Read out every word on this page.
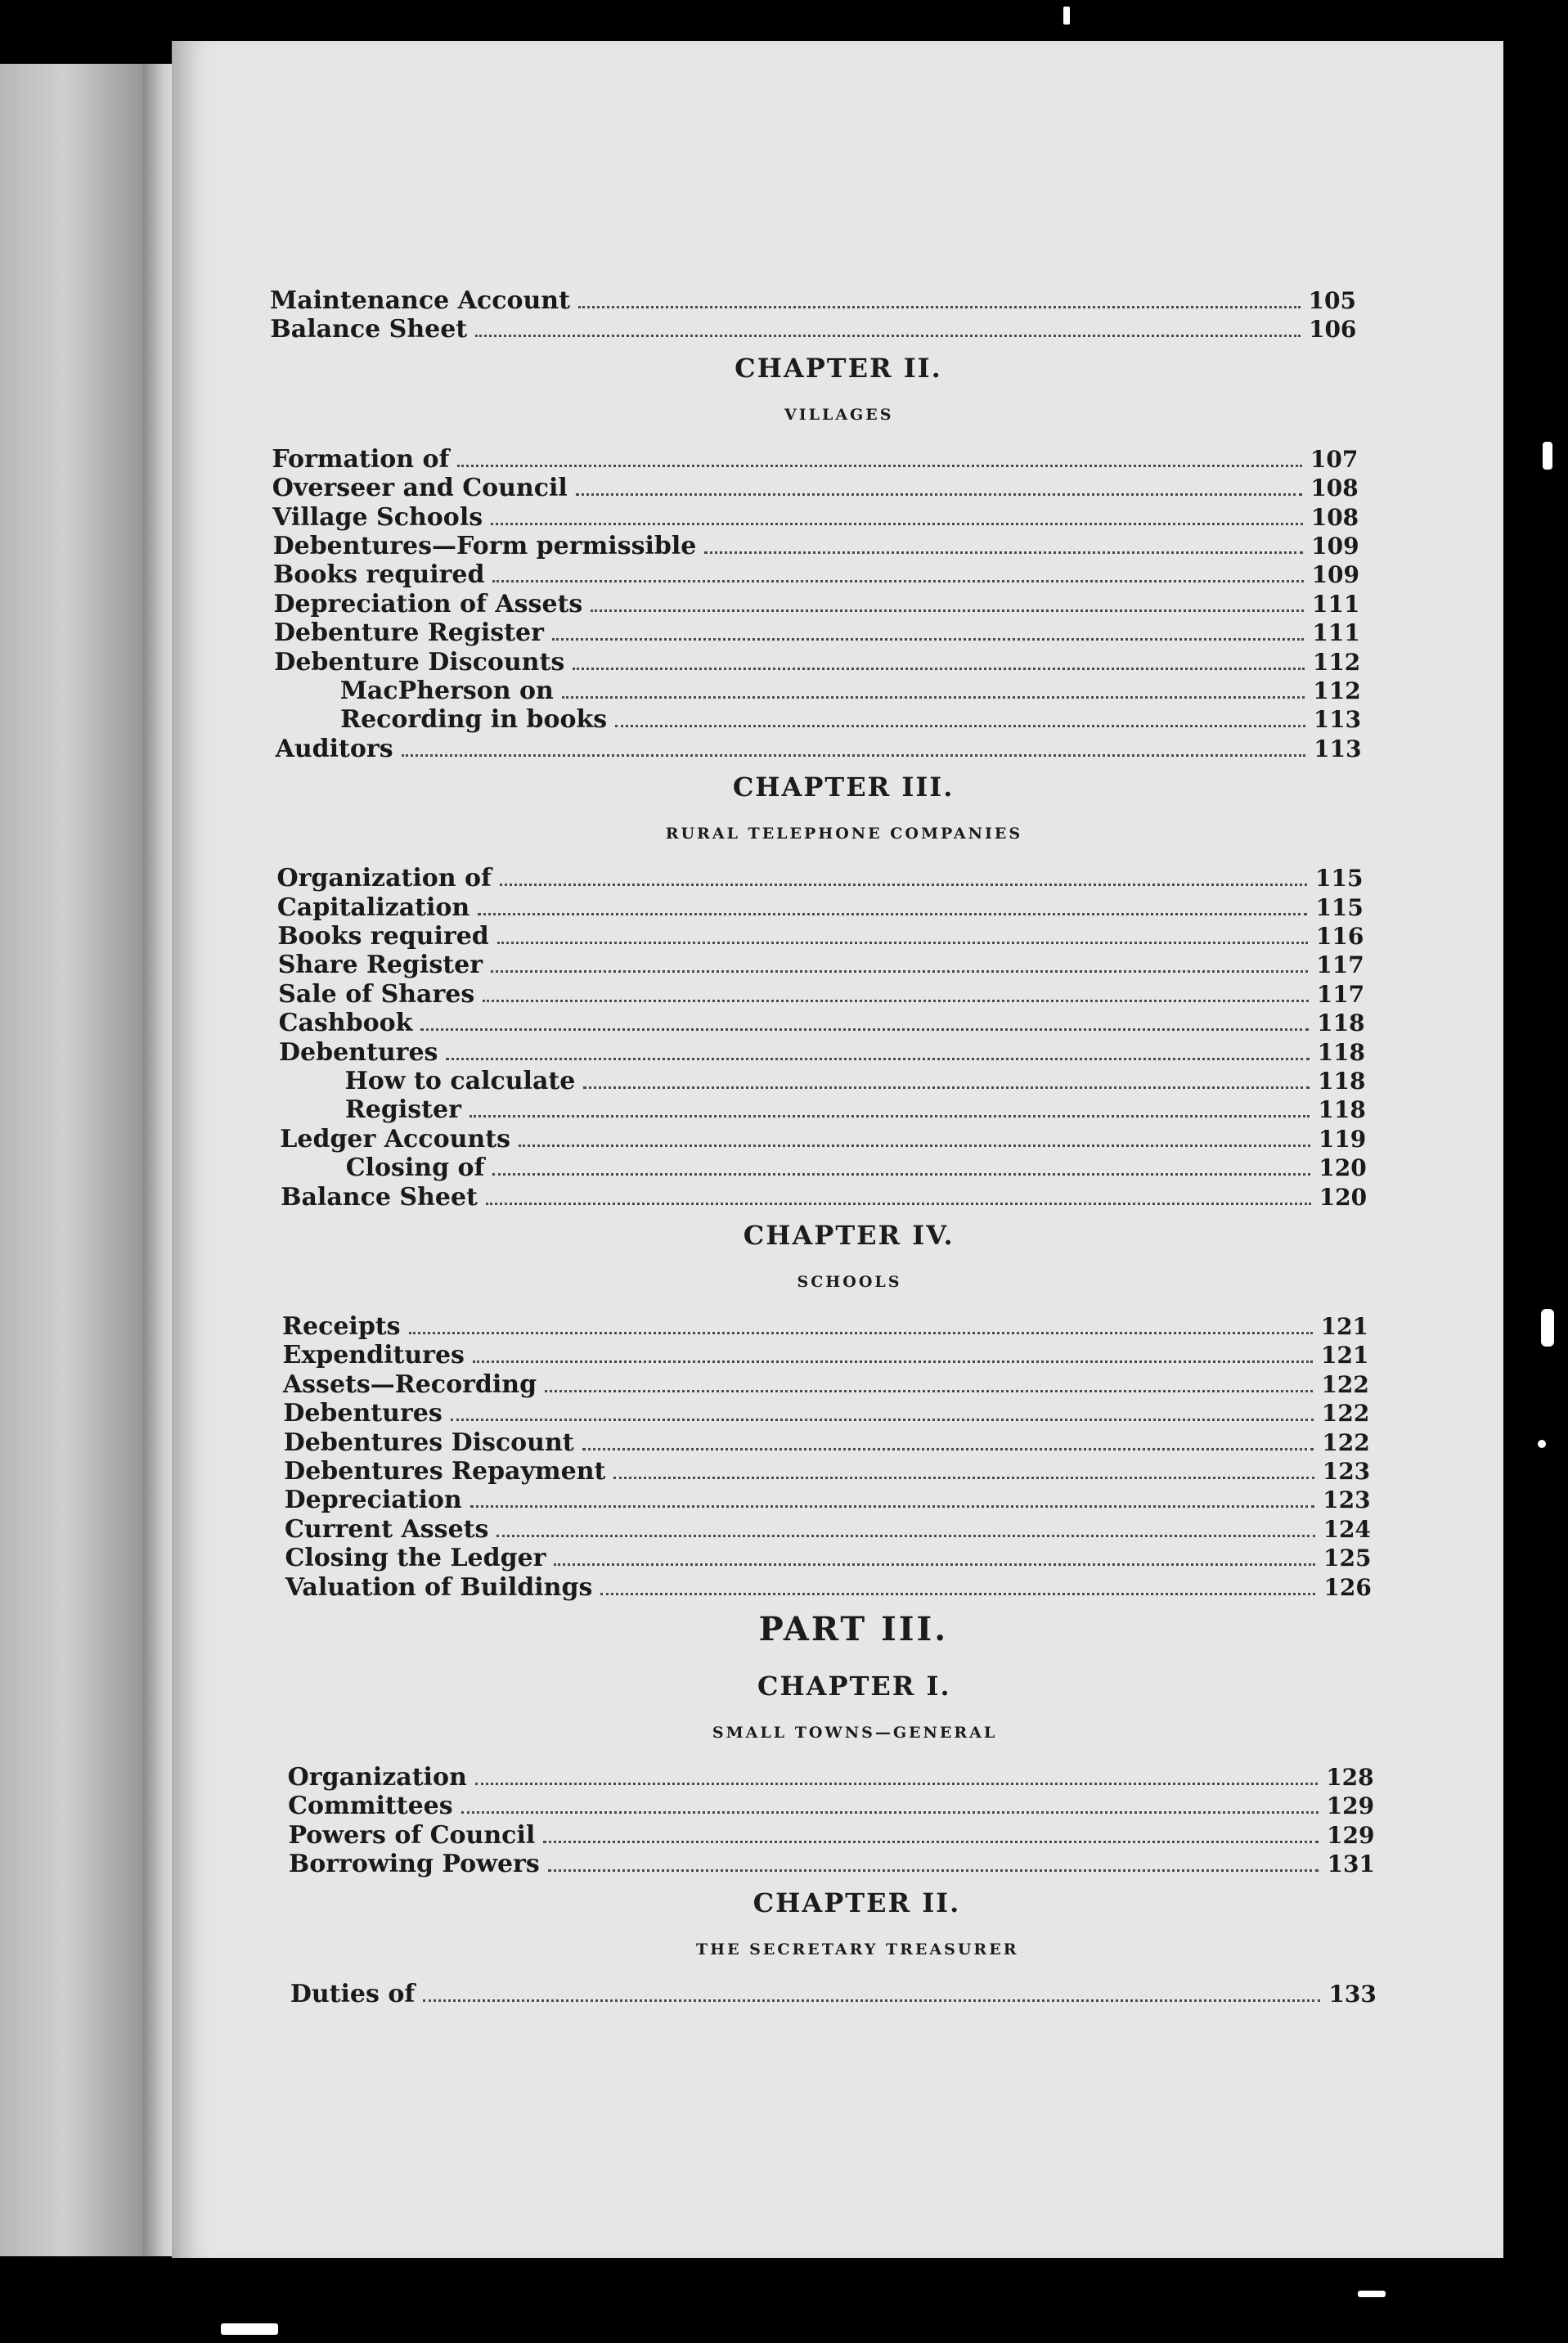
Maintenance Account	105
Balance Sheet	106
CHAPTER II.
VILLAGES
Formation of	107
Overseer and Council	108
Village Schools	108
Debentures—Form permissible	109
Books required	109
Depreciation of Assets	111
Debenture Register	111
Debenture Discounts	112
MacPherson on	112
Recording in books	113
Auditors	113
CHAPTER III.
RURAL TELEPHONE COMPANIES
Organization of	115
Capitalization	115
Books required	116
Share Register	117
Sale of Shares	117
Cashbook	118
Debentures	118
How to calculate	118
Register	118
Ledger Accounts	119
Closing of	120
Balance Sheet	120
CHAPTER IV.
SCHOOLS
Receipts	121
Expenditures	121
Assets—Recording	122
Debentures	122
Debentures Discount	122
Debentures Repayment	123
Depreciation	123
Current Assets	124
Closing the Ledger	125
Valuation of Buildings	126
PART III.
CHAPTER I.
SMALL TOWNS—GENERAL
Organization	128
Committees	129
Powers of Council	129
Borrowing Powers	131
CHAPTER II.
THE SECRETARY TREASURER
Duties of	133
